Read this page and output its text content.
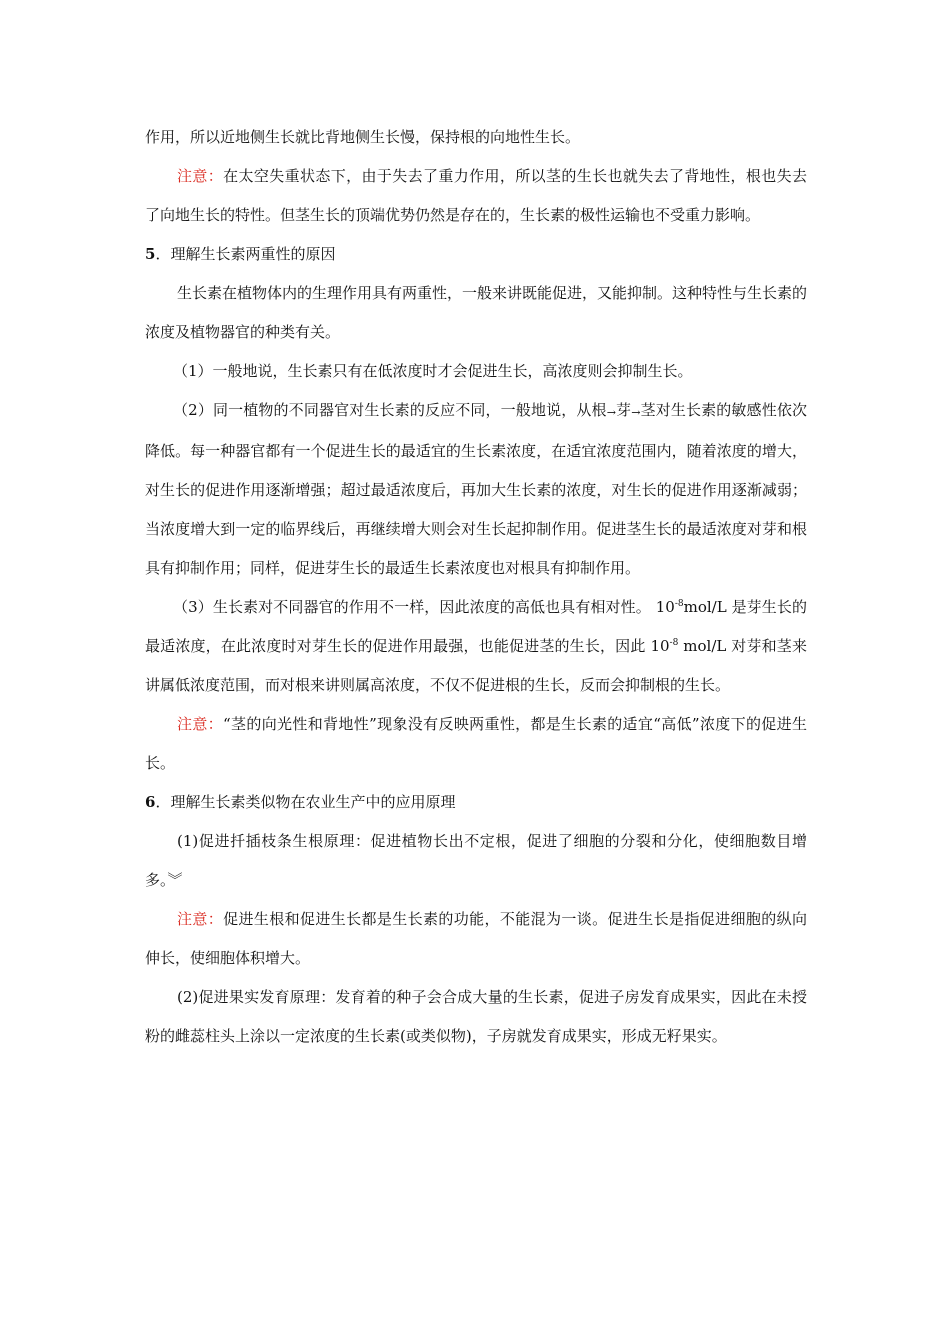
作用，所以近地侧生长就比背地侧生长慢，保持根的向地性生长。

注意：在太空失重状态下，由于失去了重力作用，所以茎的生长也就失去了背地性，根也失去了向地生长的特性。但茎生长的顶端优势仍然是存在的，生长素的极性运输也不受重力影响。

5．理解生长素两重性的原因

生长素在植物体内的生理作用具有两重性，一般来讲既能促进，又能抑制。这种特性与生长素的浓度及植物器官的种类有关。

（1）一般地说，生长素只有在低浓度时才会促进生长，高浓度则会抑制生长。

（2）同一植物的不同器官对生长素的反应不同，一般地说，从根→芽→茎对生长素的敏感性依次降低。每一种器官都有一个促进生长的最适宜的生长素浓度，在适宜浓度范围内，随着浓度的增大，对生长的促进作用逐渐增强；超过最适浓度后，再加大生长素的浓度，对生长的促进作用逐渐减弱；当浓度增大到一定的临界线后，再继续增大则会对生长起抑制作用。促进茎生长的最适浓度对芽和根具有抑制作用；同样，促进芽生长的最适生长素浓度也对根具有抑制作用。

（3）生长素对不同器官的作用不一样，因此浓度的高低也具有相对性。 $10^{-8}mol/L$ 是芽生长的最适浓度，在此浓度时对芽生长的促进作用最强，也能促进茎的生长，因此 $10^{-8}$ mol/L 对芽和茎来讲属低浓度范围，而对根来讲则属高浓度，不仅不促进根的生长，反而会抑制根的生长。

注意：“茎的向光性和背地性”现象没有反映两重性，都是生长素的适宜“高低”浓度下的促进生长。

6．理解生长素类似物在农业生产中的应用原理

(1)促进扦插枝条生根原理：促进植物长出不定根，促进了细胞的分裂和分化，使细胞数目增多。︾

注意：促进生根和促进生长都是生长素的功能，不能混为一谈。促进生长是指促进细胞的纵向伸长，使细胞体积增大。

(2)促进果实发育原理：发育着的种子会合成大量的生长素，促进子房发育成果实，因此在未授粉的雌蕊柱头上涂以一定浓度的生长素(或类似物)，子房就发育成果实，形成无籽果实。
